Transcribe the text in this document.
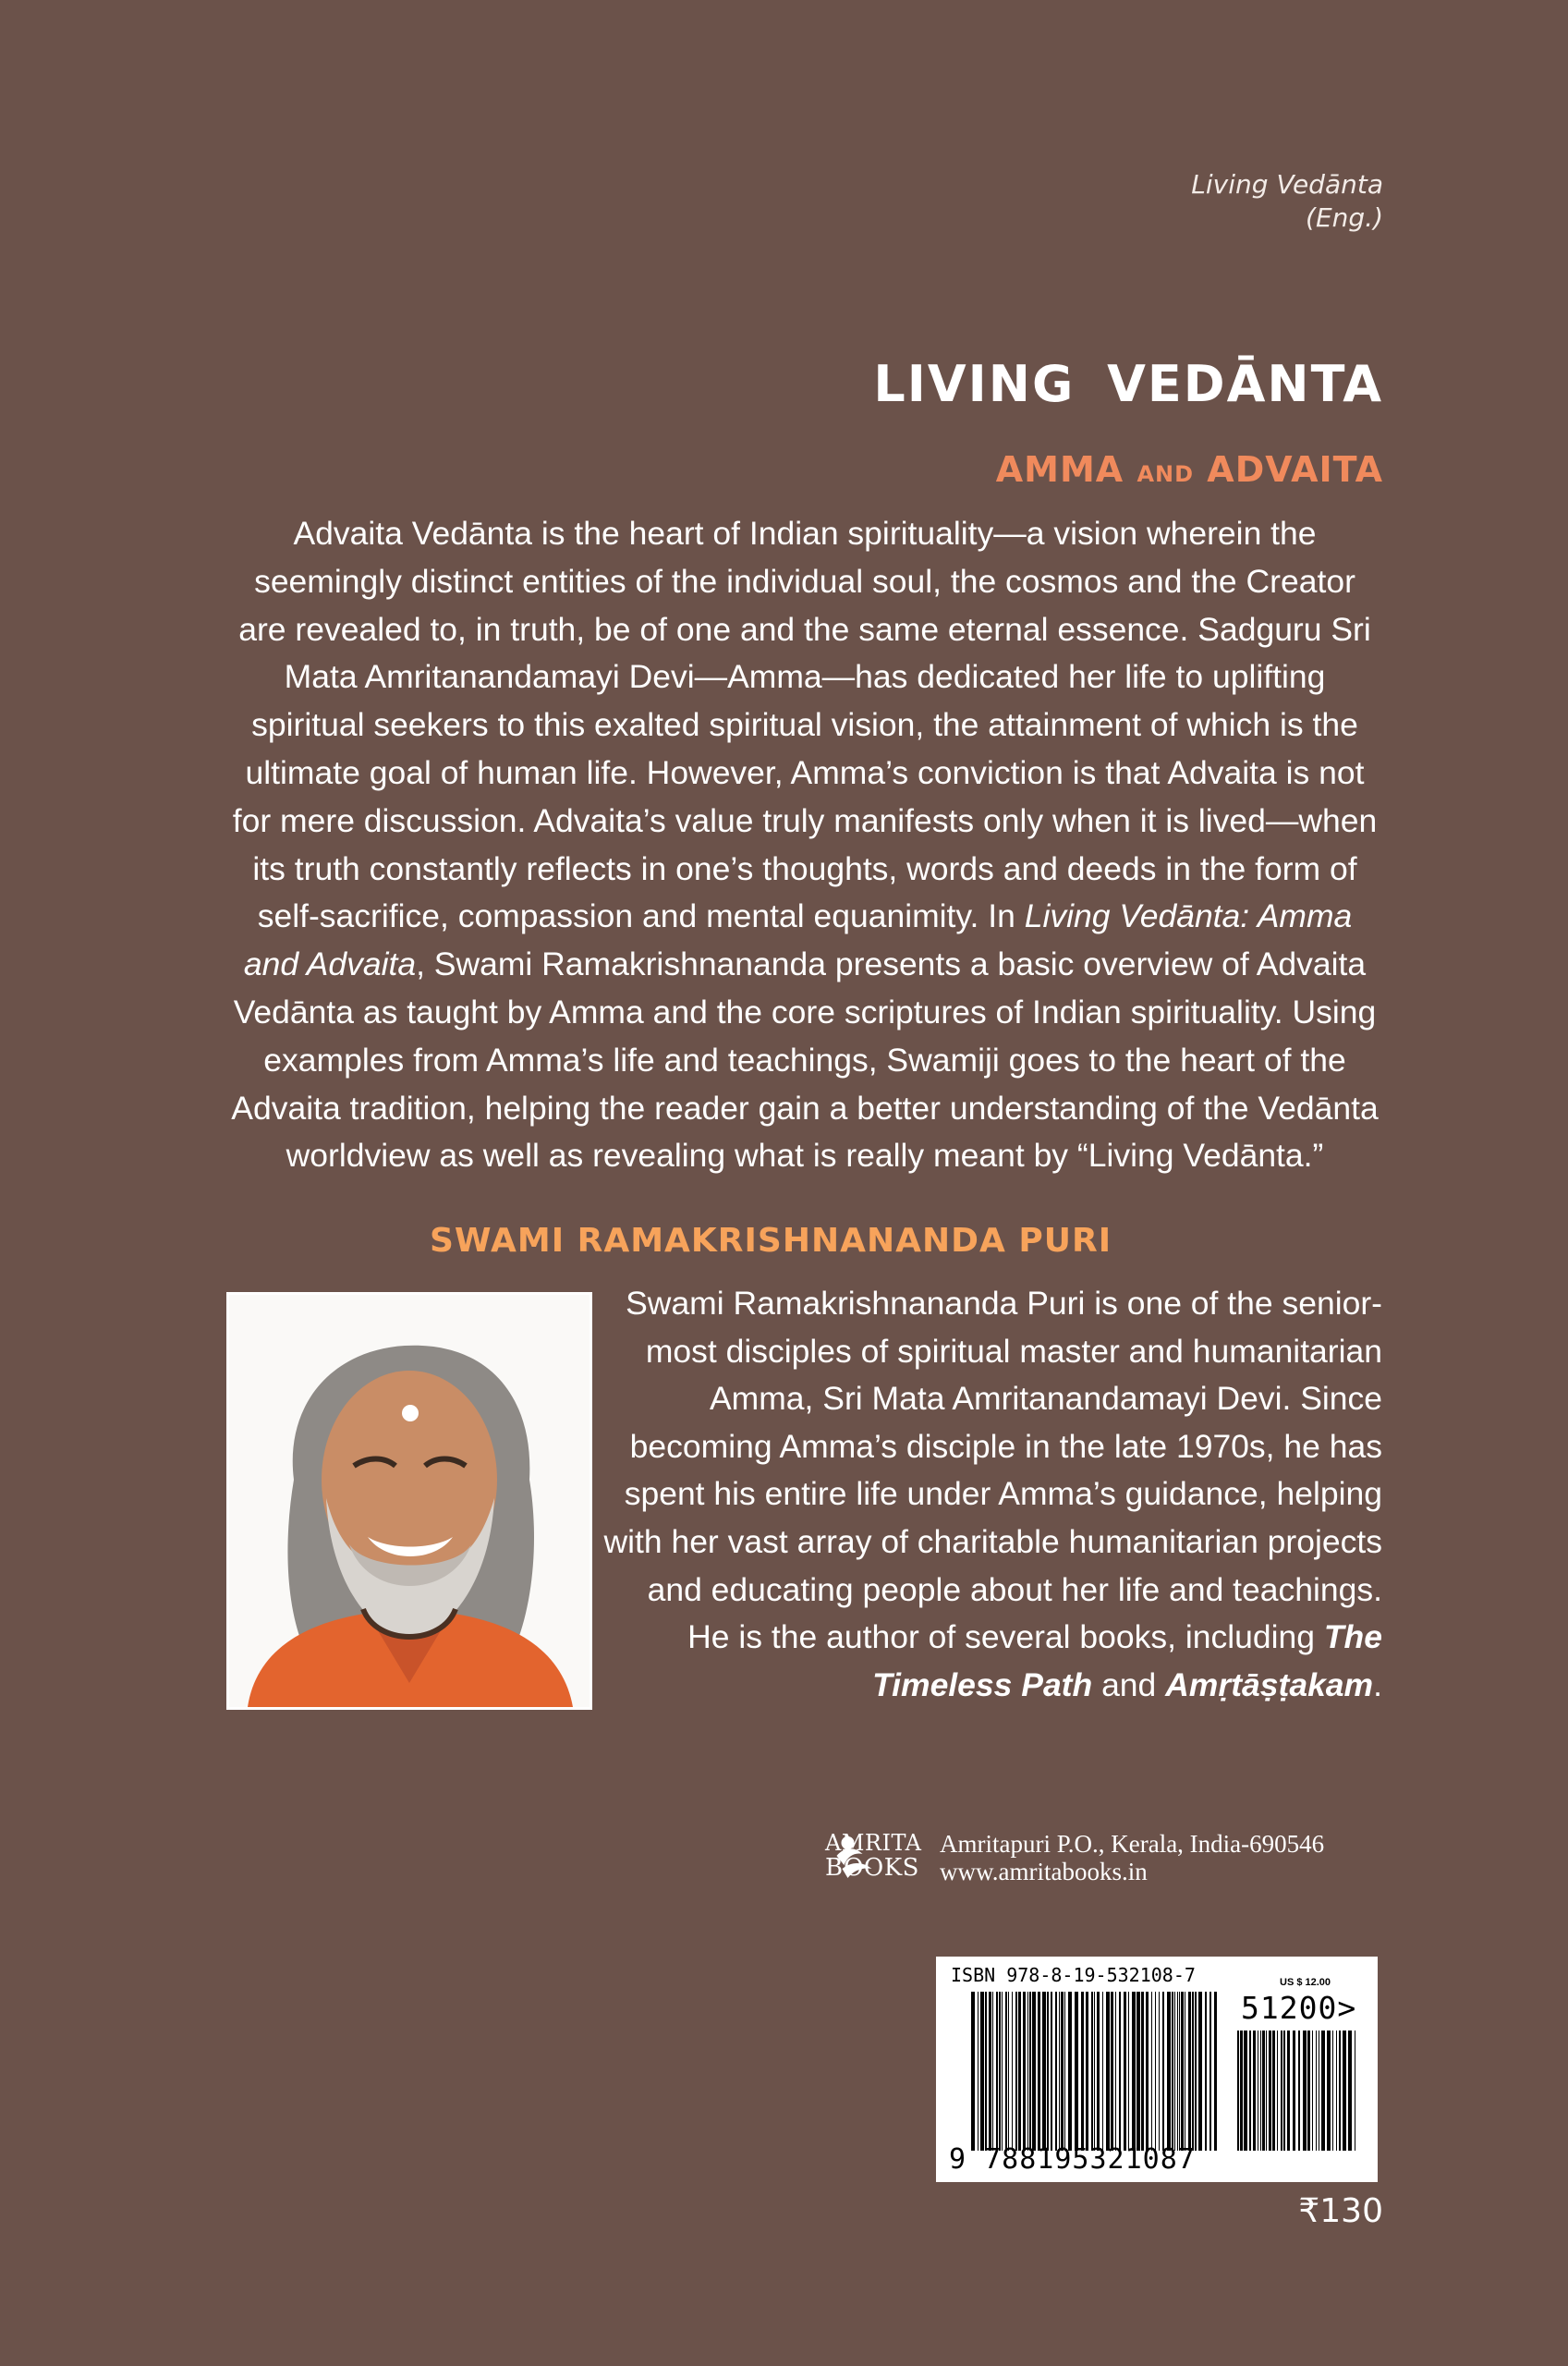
Living Vedānta
(Eng.)
LIVING VEDĀNTA
AMMA AND ADVAITA

Advaita Vedānta is the heart of Indian spirituality—a vision wherein the seemingly distinct entities of the individual soul, the cosmos and the Creator are revealed to, in truth, be of one and the same eternal essence. Sadguru Sri Mata Amritanandamayi Devi—Amma—has dedicated her life to uplifting spiritual seekers to this exalted spiritual vision, the attainment of which is the ultimate goal of human life. However, Amma’s conviction is that Advaita is not for mere discussion. Advaita’s value truly manifests only when it is lived—when its truth constantly reflects in one’s thoughts, words and deeds in the form of self-sacrifice, compassion and mental equanimity. In Living Vedānta: Amma and Advaita, Swami Ramakrishnananda presents a basic overview of Advaita Vedānta as taught by Amma and the core scriptures of Indian spirituality. Using examples from Amma’s life and teachings, Swamiji goes to the heart of the Advaita tradition, helping the reader gain a better understanding of the Vedānta worldview as well as revealing what is really meant by “Living Vedānta.”

SWAMI RAMAKRISHNANANDA PURI

Swami Ramakrishnananda Puri is one of the senior-most disciples of spiritual master and humanitarian Amma, Sri Mata Amritanandamayi Devi. Since becoming Amma’s disciple in the late 1970s, he has spent his entire life under Amma’s guidance, helping with her vast array of charitable humanitarian projects and educating people about her life and teachings. He is the author of several books, including The Timeless Path and Amṛtāṣṭakam.

AMRITA
BOOKS
Amritapuri P.O., Kerala, India-690546
www.amritabooks.in
ISBN 978-8-19-532108-7	US $ 12.00
51200>
9 788195321087
₹130
